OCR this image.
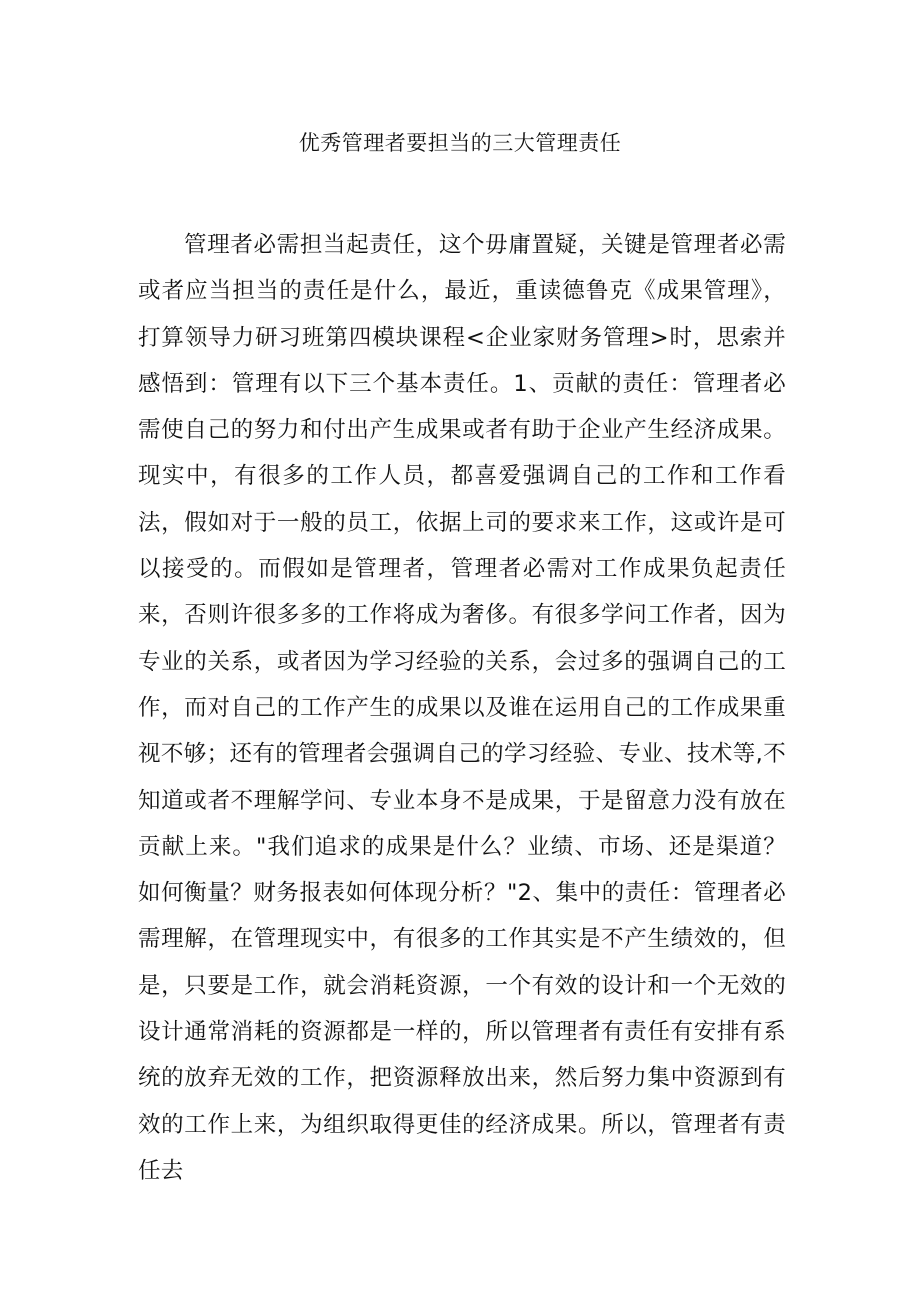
优秀管理者要担当的三大管理责任

管理者必需担当起责任，这个毋庸置疑，关键是管理者必需或者应当担当的责任是什么，最近，重读德鲁克《成果管理》，打算领导力研习班第四模块课程<企业家财务管理>时，思索并感悟到：管理有以下三个基本责任。1、贡献的责任：管理者必需使自己的努力和付出产生成果或者有助于企业产生经济成果。现实中，有很多的工作人员，都喜爱强调自己的工作和工作看法，假如对于一般的员工，依据上司的要求来工作，这或许是可以接受的。而假如是管理者，管理者必需对工作成果负起责任来，否则许很多多的工作将成为奢侈。有很多学问工作者，因为专业的关系，或者因为学习经验的关系，会过多的强调自己的工作，而对自己的工作产生的成果以及谁在运用自己的工作成果重视不够；还有的管理者会强调自己的学习经验、专业、技术等,不知道或者不理解学问、专业本身不是成果，于是留意力没有放在贡献上来。"我们追求的成果是什么？业绩、市场、还是渠道？如何衡量？财务报表如何体现分析？"2、集中的责任：管理者必需理解，在管理现实中，有很多的工作其实是不产生绩效的，但是，只要是工作，就会消耗资源，一个有效的设计和一个无效的设计通常消耗的资源都是一样的，所以管理者有责任有安排有系统的放弃无效的工作，把资源释放出来，然后努力集中资源到有效的工作上来，为组织取得更佳的经济成果。所以，管理者有责任去
